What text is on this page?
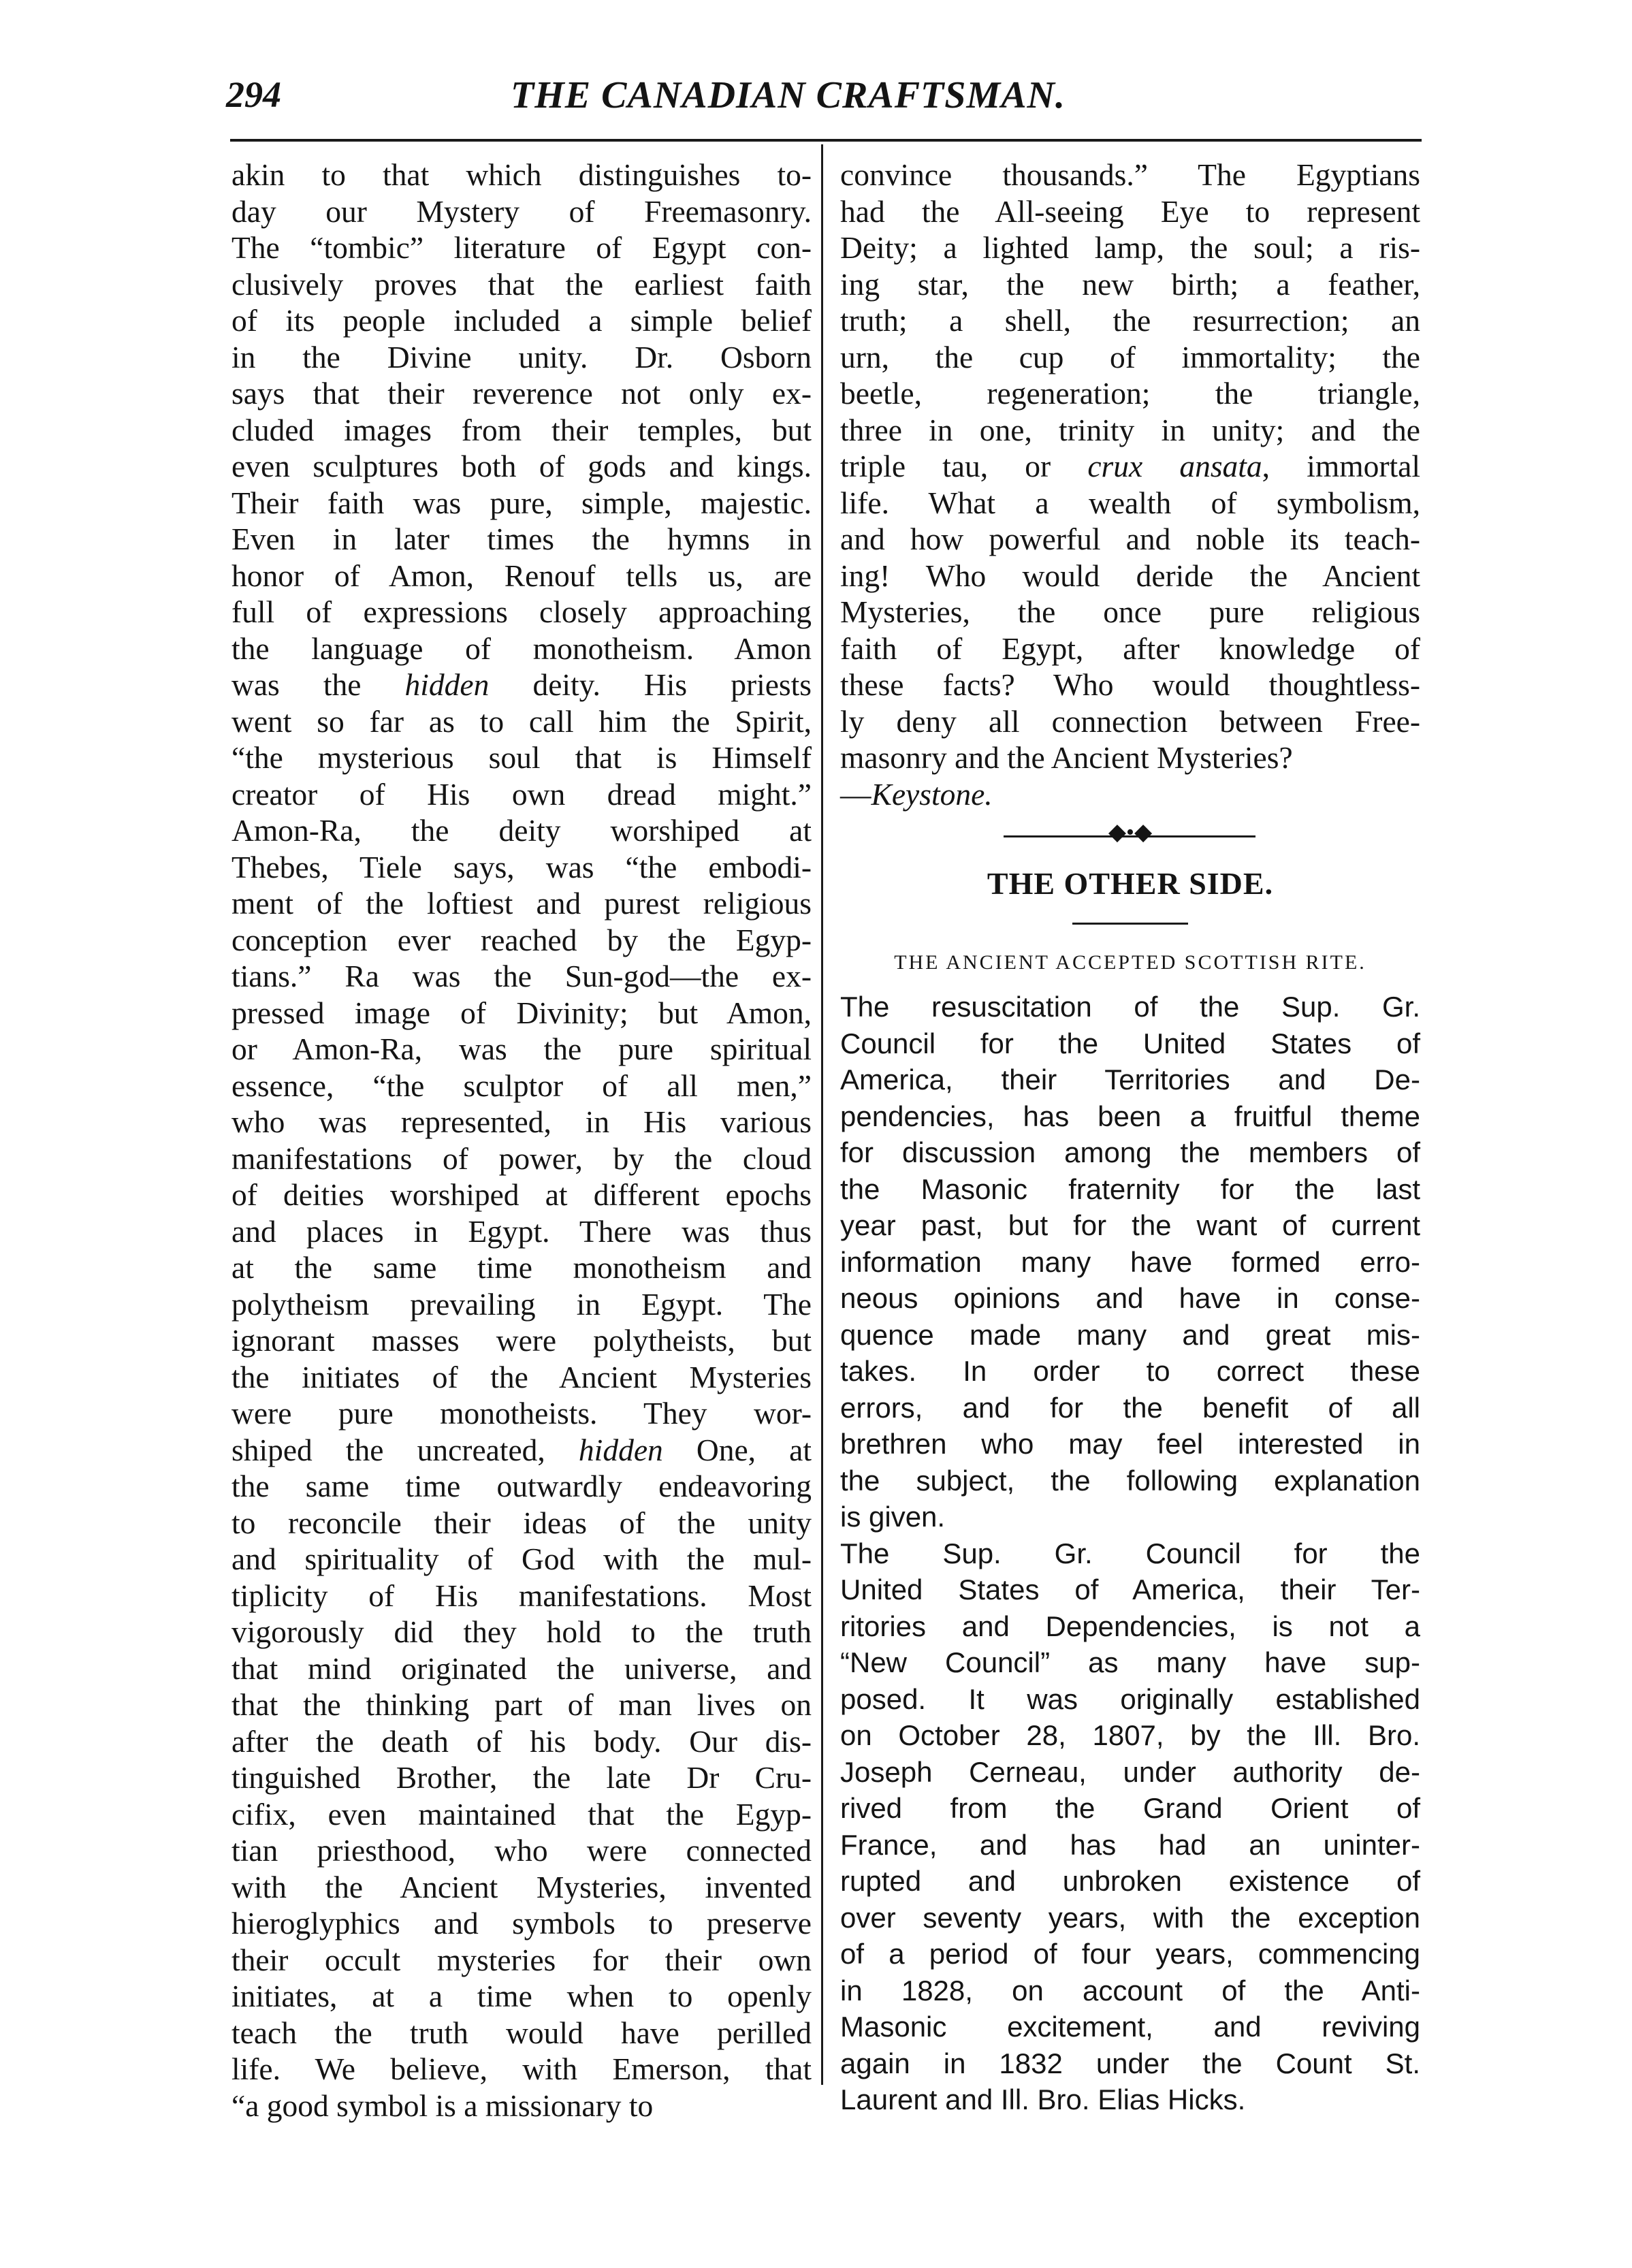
294	THE CANADIAN CRAFTSMAN.
akin to that which distinguishes to-
day our Mystery of Freemasonry.
The “tombic” literature of Egypt con-
clusively proves that the earliest faith
of its people included a simple belief
in the Divine unity. Dr. Osborn
says that their reverence not only ex-
cluded images from their temples, but
even sculptures both of gods and kings.
Their faith was pure, simple, majestic.
Even in later times the hymns in
honor of Amon, Renouf tells us, are
full of expressions closely approaching
the language of monotheism. Amon
was the hidden deity. His priests
went so far as to call him the Spirit,
“the mysterious soul that is Himself
creator of His own dread might.”
Amon-Ra, the deity worshiped at
Thebes, Tiele says, was “the embodi-
ment of the loftiest and purest religious
conception ever reached by the Egyp-
tians.” Ra was the Sun-god—the ex-
pressed image of Divinity; but Amon,
or Amon-Ra, was the pure spiritual
essence, “the sculptor of all men,”
who was represented, in His various
manifestations of power, by the cloud
of deities worshiped at different epochs
and places in Egypt. There was thus
at the same time monotheism and
polytheism prevailing in Egypt. The
ignorant masses were polytheists, but
the initiates of the Ancient Mysteries
were pure monotheists. They wor-
shiped the uncreated, hidden One, at
the same time outwardly endeavoring
to reconcile their ideas of the unity
and spirituality of God with the mul-
tiplicity of His manifestations. Most
vigorously did they hold to the truth
that mind originated the universe, and
that the thinking part of man lives on
after the death of his body. Our dis-
tinguished Brother, the late Dr Cru-
cifix, even maintained that the Egyp-
tian priesthood, who were connected
with the Ancient Mysteries, invented
hieroglyphics and symbols to preserve
their occult mysteries for their own
initiates, at a time when to openly
teach the truth would have perilled
life. We believe, with Emerson, that
“a good symbol is a missionary to
convince thousands.” The Egyptians
had the All-seeing Eye to represent
Deity; a lighted lamp, the soul; a ris-
ing star, the new birth; a feather,
truth; a shell, the resurrection; an
urn, the cup of immortality; the
beetle, regeneration; the triangle,
three in one, trinity in unity; and the
triple tau, or crux ansata, immortal
life. What a wealth of symbolism,
and how powerful and noble its teach-
ing! Who would deride the Ancient
Mysteries, the once pure religious
faith of Egypt, after knowledge of
these facts? Who would thoughtless-
ly deny all connection between Free-
masonry and the Ancient Mysteries?
—Keystone.
◆•◆
THE OTHER SIDE.
THE ANCIENT ACCEPTED SCOTTISH RITE.
The resuscitation of the Sup. Gr.
Council for the United States of
America, their Territories and De-
pendencies, has been a fruitful theme
for discussion among the members of
the Masonic fraternity for the last
year past, but for the want of current
information many have formed erro-
neous opinions and have in conse-
quence made many and great mis-
takes. In order to correct these
errors, and for the benefit of all
brethren who may feel interested in
the subject, the following explanation
is given.
The Sup. Gr. Council for the
United States of America, their Ter-
ritories and Dependencies, is not a
“New Council” as many have sup-
posed. It was originally established
on October 28, 1807, by the Ill. Bro.
Joseph Cerneau, under authority de-
rived from the Grand Orient of
France, and has had an uninter-
rupted and unbroken existence of
over seventy years, with the exception
of a period of four years, commencing
in 1828, on account of the Anti-
Masonic excitement, and reviving
again in 1832 under the Count St.
Laurent and Ill. Bro. Elias Hicks.
